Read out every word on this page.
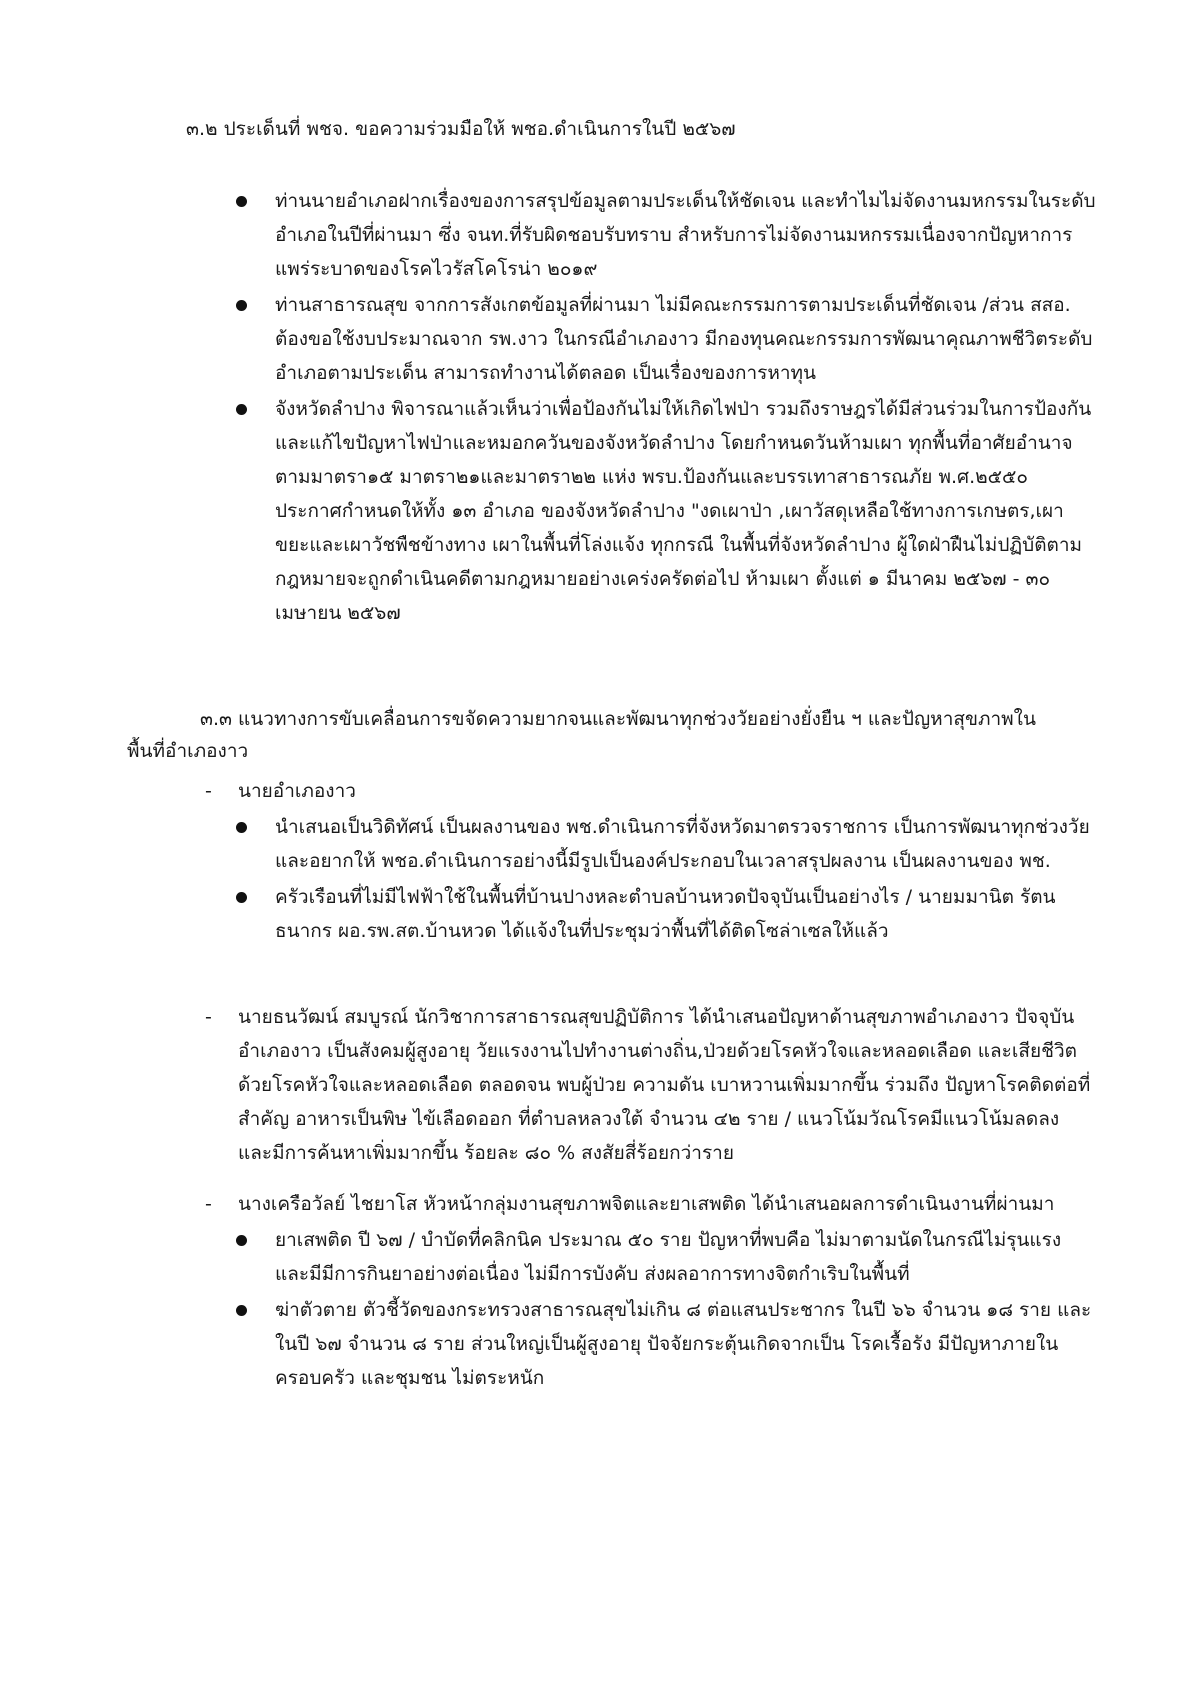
๓.๒ ประเด็นที่ พชจ. ขอความร่วมมือให้ พชอ.ดำเนินการในปี ๒๕๖๗
ท่านนายอำเภอฝากเรื่องของการสรุปข้อมูลตามประเด็นให้ชัดเจน และทำไมไม่จัดงานมหกรรมในระดับอำเภอในปีที่ผ่านมา ซึ่ง จนท.ที่รับผิดชอบรับทราบ สำหรับการไม่จัดงานมหกรรมเนื่องจากปัญหาการแพร่ระบาดของโรคไวรัสโคโรน่า ๒๐๑๙
ท่านสาธารณสุข จากการสังเกตข้อมูลที่ผ่านมา ไม่มีคณะกรรมการตามประเด็นที่ชัดเจน /ส่วน สสอ. ต้องขอใช้งบประมาณจาก รพ.งาว ในกรณีอำเภองาว มีกองทุนคณะกรรมการพัฒนาคุณภาพชีวิตระดับอำเภอตามประเด็น สามารถทำงานได้ตลอด เป็นเรื่องของการหาทุน
จังหวัดลำปาง พิจารณาแล้วเห็นว่าเพื่อป้องกันไม่ให้เกิดไฟป่า รวมถึงราษฎรได้มีส่วนร่วมในการป้องกันและแก้ไขปัญหาไฟป่าและหมอกควันของจังหวัดลำปาง โดยกำหนดวันห้ามเผา ทุกพื้นที่อาศัยอำนาจตามมาตรา๑๕ มาตรา๒๑และมาตรา๒๒ แห่ง พรบ.ป้องกันและบรรเทาสาธารณภัย พ.ศ.๒๕๕๐ ประกาศกำหนดให้ทั้ง ๑๓ อำเภอ ของจังหวัดลำปาง "งดเผาป่า ,เผาวัสดุเหลือใช้ทางการเกษตร,เผาขยะและเผาวัชพืชข้างทาง เผาในพื้นที่โล่งแจ้ง ทุกกรณี ในพื้นที่จังหวัดลำปาง ผู้ใดฝ่าฝืนไม่ปฏิบัติตามกฎหมายจะถูกดำเนินคดีตามกฎหมายอย่างเคร่งครัดต่อไป ห้ามเผา ตั้งแต่ ๑ มีนาคม ๒๕๖๗ - ๓๐ เมษายน ๒๕๖๗
๓.๓ แนวทางการขับเคลื่อนการขจัดความยากจนและพัฒนาทุกช่วงวัยอย่างยั่งยืน ฯ และปัญหาสุขภาพใน
พื้นที่อำเภองาว
-	นายอำเภองาว
นำเสนอเป็นวิดิทัศน์ เป็นผลงานของ พช.ดำเนินการที่จังหวัดมาตรวจราชการ เป็นการพัฒนาทุกช่วงวัย และอยากให้ พชอ.ดำเนินการอย่างนี้มีรูปเป็นองค์ประกอบในเวลาสรุปผลงาน เป็นผลงานของ พช.
ครัวเรือนที่ไม่มีไฟฟ้าใช้ในพื้นที่บ้านปางหละตำบลบ้านหวดปัจจุบันเป็นอย่างไร / นายมมานิต รัตนธนากร ผอ.รพ.สต.บ้านหวด ได้แจ้งในที่ประชุมว่าพื้นที่ได้ติดโซล่าเซลให้แล้ว
-	นายธนวัฒน์ สมบูรณ์ นักวิชาการสาธารณสุขปฏิบัติการ ได้นำเสนอปัญหาด้านสุขภาพอำเภองาว ปัจจุบันอำเภองาว เป็นสังคมผู้สูงอายุ วัยแรงงานไปทำงานต่างถิ่น,ป่วยด้วยโรคหัวใจและหลอดเลือด และเสียชีวิต ด้วยโรคหัวใจและหลอดเลือด ตลอดจน พบผู้ป่วย ความดัน เบาหวานเพิ่มมากขึ้น ร่วมถึง ปัญหาโรคติดต่อที่สำคัญ อาหารเป็นพิษ ไข้เลือดออก ที่ตำบลหลวงใต้ จำนวน ๔๒ ราย / แนวโน้มวัณโรคมีแนวโน้มลดลง และมีการค้นหาเพิ่มมากขึ้น ร้อยละ ๘๐ % สงสัยสี่ร้อยกว่าราย
-	นางเครือวัลย์ ไชยาโส หัวหน้ากลุ่มงานสุขภาพจิตและยาเสพติด ได้นำเสนอผลการดำเนินงานที่ผ่านมา
ยาเสพติด ปี ๖๗ / บำบัดที่คลิกนิค ประมาณ ๕๐ ราย ปัญหาที่พบคือ ไม่มาตามนัดในกรณีไม่รุนแรง และมีมีการกินยาอย่างต่อเนื่อง ไม่มีการบังคับ ส่งผลอาการทางจิตกำเริบในพื้นที่
ฆ่าตัวตาย ตัวชี้วัดของกระทรวงสาธารณสุขไม่เกิน ๘ ต่อแสนประชากร ในปี ๖๖ จำนวน ๑๘ ราย และในปี ๖๗ จำนวน ๘ ราย ส่วนใหญ่เป็นผู้สูงอายุ ปัจจัยกระตุ้นเกิดจากเป็น โรคเรื้อรัง มีปัญหาภายในครอบครัว และชุมชน ไม่ตระหนัก
